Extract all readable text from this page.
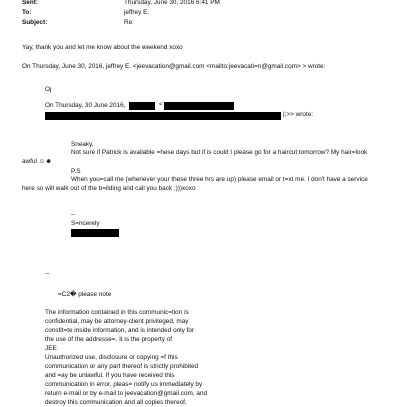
Sent:	Thursday, June 30, 2016 6:41 PM
To:	jeffrey E.
Subject:	Re:
Yay, thank you and let me know about the weekend xoxo
On Thursday, June 30, 2016, jeffrey E. <jeevacation@gmail.com <mailto:jeevacati=n@gmail.com> > wrote:
Oj
On Thursday, 30 June 2016,	<
|;>> wrote:
Sneaky,
Not sure if Patrick is available =hese days but if is could I please go for a haircut tomorrow? My hair=look
awful ☺☻
P.S
When you=call me (whenever your these three hrs are up) please email or t=xt me. I don't have a service
here so will walk out of the b=ilding and call you back ;)))xoxo
--
S=ncerely
--
=C2� please note
The information contained in this communic=tion is
confidential, may be attorney-client privileged, may
constit=te inside information, and is intended only for
the use of the addresse=. It is the property of
JEE
Unauthorized use, disclosure or copying =f this
communication or any part thereof is strictly prohibited
and =ay be unlawful. If you have received this
communication in error, pleas= notify us immediately by
return e-mail or by e-mail to jeevacation@gmail.com, and
destroy this communication and all copies thereof,
